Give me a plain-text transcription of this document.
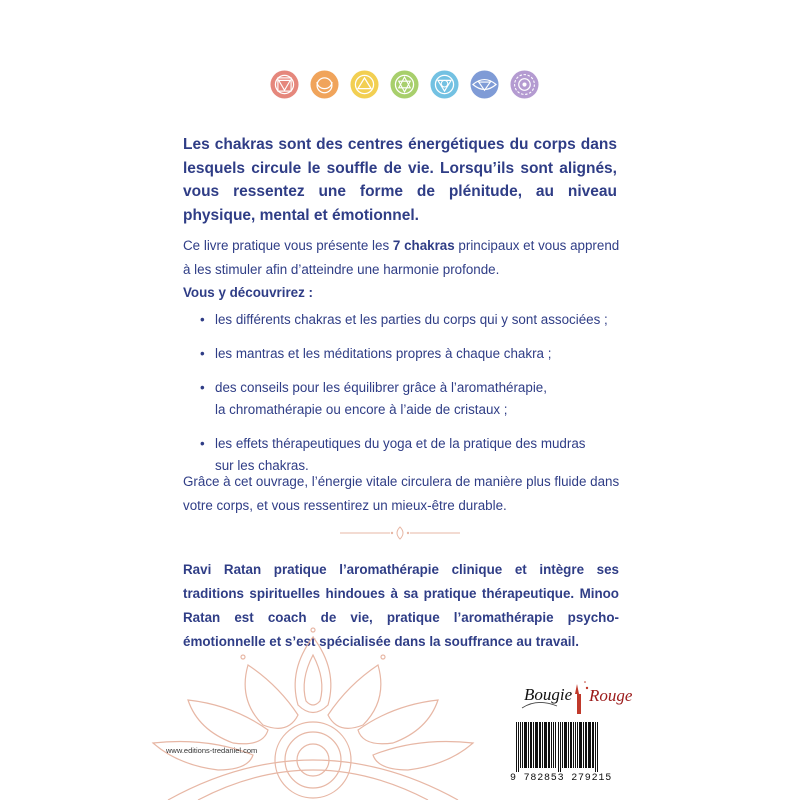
Les chakras sont des centres énergétiques du corps dans lesquels circule le souffle de vie. Lorsqu’ils sont alignés, vous ressentez une forme de plénitude, au niveau physique, mental et émotionnel.

Ce livre pratique vous présente les 7 chakras principaux et vous apprend à les stimuler afin d’atteindre une harmonie profonde.

Vous y découvrirez :

• les différents chakras et les parties du corps qui y sont associées ;
• les mantras et les méditations propres à chaque chakra ;
• des conseils pour les équilibrer grâce à l’aromathérapie,
la chromathérapie ou encore à l’aide de cristaux ;
• les effets thérapeutiques du yoga et de la pratique des mudras
sur les chakras.

Grâce à cet ouvrage, l’énergie vitale circulera de manière plus fluide dans votre corps, et vous ressentirez un mieux-être durable.

Ravi Ratan pratique l’aromathérapie clinique et intègre ses traditions spirituelles hindoues à sa pratique thérapeutique. Minoo Ratan est coach de vie, pratique l’aromathérapie psycho-émotionnelle et s’est spécialisée dans la souffrance au travail.

www.editions-tredaniel.com
Bougie Rouge
9 782853 279215
